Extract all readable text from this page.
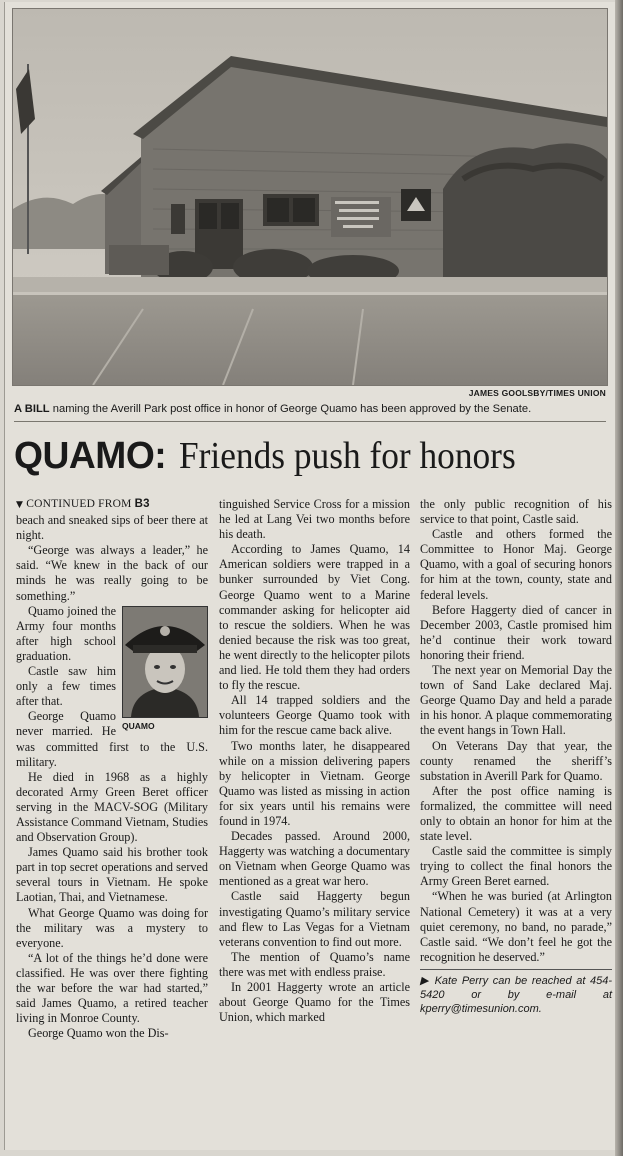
JAMES GOOLSBY/TIMES UNION
A BILL naming the Averill Park post office in honor of George Quamo has been approved by the Senate.
QUAMO: Friends push for honors

▼ CONTINUED FROM B3

beach and sneaked sips of beer there at night.

“George was always a leader,” he said. “We knew in the back of our minds he was really going to be something.”

QUAMO

Quamo joined the Army four months after high school graduation.

Castle saw him only a few times after that.

George Quamo never married. He was committed first to the U.S. military.

He died in 1968 as a highly decorated Army Green Beret officer serving in the MACV-SOG (Military Assistance Command Vietnam, Studies and Observation Group).

James Quamo said his brother took part in top secret operations and served several tours in Vietnam. He spoke Laotian, Thai, and Vietnamese.

What George Quamo was doing for the military was a mystery to everyone.

“A lot of the things he’d done were classified. He was over there fighting the war before the war had started,” said James Quamo, a retired teacher living in Monroe County.

George Quamo won the Dis-

tinguished Service Cross for a mission he led at Lang Vei two months before his death.

According to James Quamo, 14 American soldiers were trapped in a bunker surrounded by Viet Cong. George Quamo went to a Marine commander asking for helicopter aid to rescue the soldiers. When he was denied because the risk was too great, he went directly to the helicopter pilots and lied. He told them they had orders to fly the rescue.

All 14 trapped soldiers and the volunteers George Quamo took with him for the rescue came back alive.

Two months later, he disappeared while on a mission delivering papers by helicopter in Vietnam. George Quamo was listed as missing in action for six years until his remains were found in 1974.

Decades passed. Around 2000, Haggerty was watching a documentary on Vietnam when George Quamo was mentioned as a great war hero.

Castle said Haggerty begun investigating Quamo’s military service and flew to Las Vegas for a Vietnam veterans convention to find out more.

The mention of Quamo’s name there was met with endless praise.

In 2001 Haggerty wrote an article about George Quamo for the Times Union, which marked

the only public recognition of his service to that point, Castle said.

Castle and others formed the Committee to Honor Maj. George Quamo, with a goal of securing honors for him at the town, county, state and federal levels.

Before Haggerty died of cancer in December 2003, Castle promised him he’d continue their work toward honoring their friend.

The next year on Memorial Day the town of Sand Lake declared Maj. George Quamo Day and held a parade in his honor. A plaque commemorating the event hangs in Town Hall.

On Veterans Day that year, the county renamed the sheriff’s substation in Averill Park for Quamo.

After the post office naming is formalized, the committee will need only to obtain an honor for him at the state level.

Castle said the committee is simply trying to collect the final honors the Army Green Beret earned.

“When he was buried (at Arlington National Cemetery) it was at a very quiet ceremony, no band, no parade,” Castle said. “We don’t feel he got the recognition he deserved.”

▶ Kate Perry can be reached at 454-5420 or by e-mail at kperry@timesunion.com.
